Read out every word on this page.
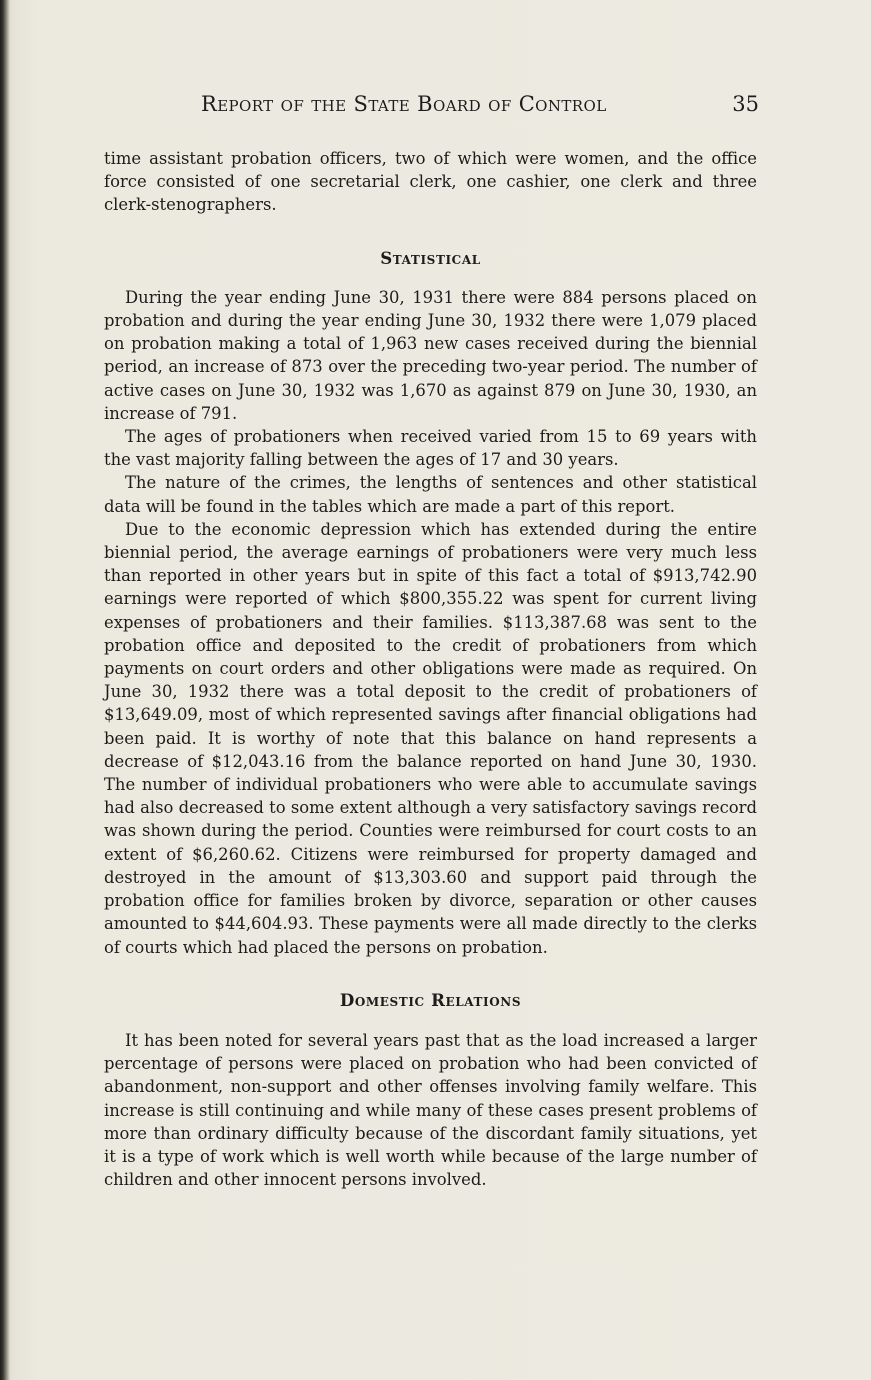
Report of the State Board of Control	35

time assistant probation officers, two of which were women, and the office force consisted of one secretarial clerk, one cashier, one clerk and three clerk-stenographers.

Statistical

During the year ending June 30, 1931 there were 884 persons placed on probation and during the year ending June 30, 1932 there were 1,079 placed on probation making a total of 1,963 new cases received during the biennial period, an increase of 873 over the preceding two-year period. The number of active cases on June 30, 1932 was 1,670 as against 879 on June 30, 1930, an increase of 791.

The ages of probationers when received varied from 15 to 69 years with the vast majority falling between the ages of 17 and 30 years.

The nature of the crimes, the lengths of sentences and other statistical data will be found in the tables which are made a part of this report.

Due to the economic depression which has extended during the entire biennial period, the average earnings of probationers were very much less than reported in other years but in spite of this fact a total of $913,742.90 earnings were reported of which $800,355.22 was spent for current living expenses of probationers and their families. $113,387.68 was sent to the probation office and deposited to the credit of probationers from which payments on court orders and other obligations were made as required. On June 30, 1932 there was a total deposit to the credit of probationers of $13,649.09, most of which represented savings after financial obligations had been paid. It is worthy of note that this balance on hand represents a decrease of $12,043.16 from the balance reported on hand June 30, 1930. The number of individual probationers who were able to accumulate savings had also decreased to some extent although a very satisfactory savings record was shown during the period. Counties were reimbursed for court costs to an extent of $6,260.62. Citizens were reimbursed for property damaged and destroyed in the amount of $13,303.60 and support paid through the probation office for families broken by divorce, separation or other causes amounted to $44,604.93. These payments were all made directly to the clerks of courts which had placed the persons on probation.

Domestic Relations

It has been noted for several years past that as the load increased a larger percentage of persons were placed on probation who had been convicted of abandonment, non-support and other offenses involving family welfare. This increase is still continuing and while many of these cases present problems of more than ordinary difficulty because of the discordant family situations, yet it is a type of work which is well worth while because of the large number of children and other innocent persons involved.
